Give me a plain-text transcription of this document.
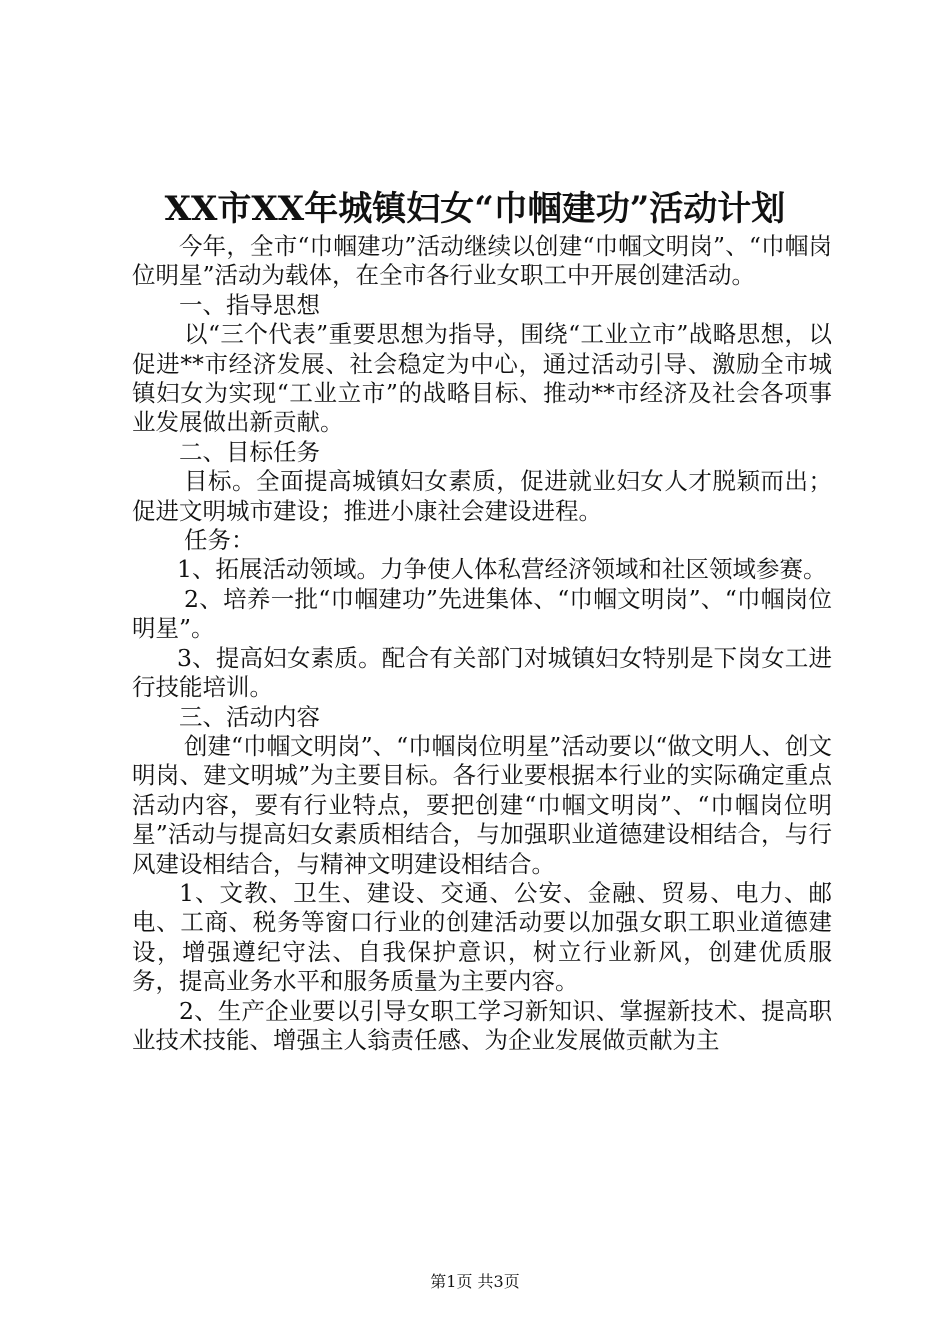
XX市XX年城镇妇女“巾帼建功”活动计划

今年，全市“巾帼建功”活动继续以创建“巾帼文明岗”、“巾帼岗位明星”活动为载体，在全市各行业女职工中开展创建活动。

一、指导思想

以“三个代表”重要思想为指导，围绕“工业立市”战略思想，以促进**市经济发展、社会稳定为中心，通过活动引导、激励全市城镇妇女为实现“工业立市”的战略目标、推动**市经济及社会各项事业发展做出新贡献。

二、目标任务

目标。全面提高城镇妇女素质，促进就业妇女人才脱颖而出；促进文明城市建设；推进小康社会建设进程。

任务：

1、拓展活动领域。力争使人体私营经济领域和社区领域参赛。

2、培养一批“巾帼建功”先进集体、“巾帼文明岗”、“巾帼岗位明星”。

3、提高妇女素质。配合有关部门对城镇妇女特别是下岗女工进行技能培训。

三、活动内容

创建“巾帼文明岗”、“巾帼岗位明星”活动要以“做文明人、创文明岗、建文明城”为主要目标。各行业要根据本行业的实际确定重点活动内容，要有行业特点，要把创建“巾帼文明岗”、“巾帼岗位明星”活动与提高妇女素质相结合，与加强职业道德建设相结合，与行风建设相结合，与精神文明建设相结合。

1、文教、卫生、建设、交通、公安、金融、贸易、电力、邮电、工商、税务等窗口行业的创建活动要以加强女职工职业道德建设，增强遵纪守法、自我保护意识，树立行业新风，创建优质服务，提高业务水平和服务质量为主要内容。

2、生产企业要以引导女职工学习新知识、掌握新技术、提高职业技术技能、增强主人翁责任感、为企业发展做贡献为主

第1页 共3页
